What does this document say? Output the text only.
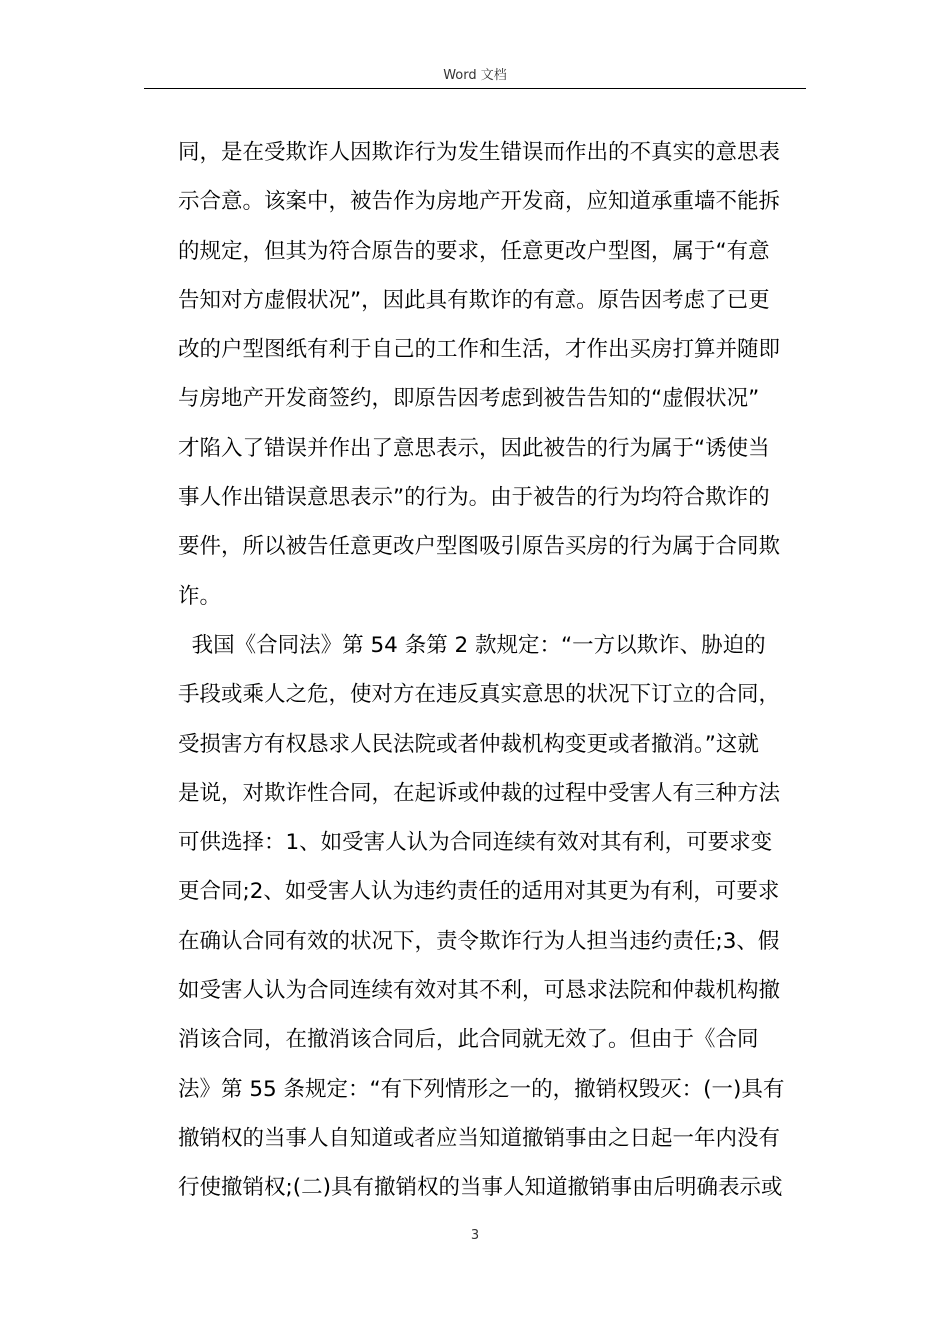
Word 文档
同，是在受欺诈人因欺诈行为发生错误而作出的不真实的意思表
示合意。该案中，被告作为房地产开发商，应知道承重墙不能拆
的规定，但其为符合原告的要求，任意更改户型图，属于“有意
告知对方虚假状况”，因此具有欺诈的有意。原告因考虑了已更
改的户型图纸有利于自己的工作和生活，才作出买房打算并随即
与房地产开发商签约，即原告因考虑到被告告知的“虚假状况”
才陷入了错误并作出了意思表示，因此被告的行为属于“诱使当
事人作出错误意思表示”的行为。由于被告的行为均符合欺诈的
要件，所以被告任意更改户型图吸引原告买房的行为属于合同欺
诈。
我国《合同法》第 54 条第 2 款规定：“一方以欺诈、胁迫的
手段或乘人之危，使对方在违反真实意思的状况下订立的合同，
受损害方有权恳求人民法院或者仲裁机构变更或者撤消。”这就
是说，对欺诈性合同，在起诉或仲裁的过程中受害人有三种方法
可供选择：1、如受害人认为合同连续有效对其有利，可要求变
更合同;2、如受害人认为违约责任的适用对其更为有利，可要求
在确认合同有效的状况下，责令欺诈行为人担当违约责任;3、假
如受害人认为合同连续有效对其不利，可恳求法院和仲裁机构撤
消该合同，在撤消该合同后，此合同就无效了。但由于《合同
法》第 55 条规定：“有下列情形之一的，撤销权毁灭：(一)具有
撤销权的当事人自知道或者应当知道撤销事由之日起一年内没有
行使撤销权;(二)具有撤销权的当事人知道撤销事由后明确表示或
3
